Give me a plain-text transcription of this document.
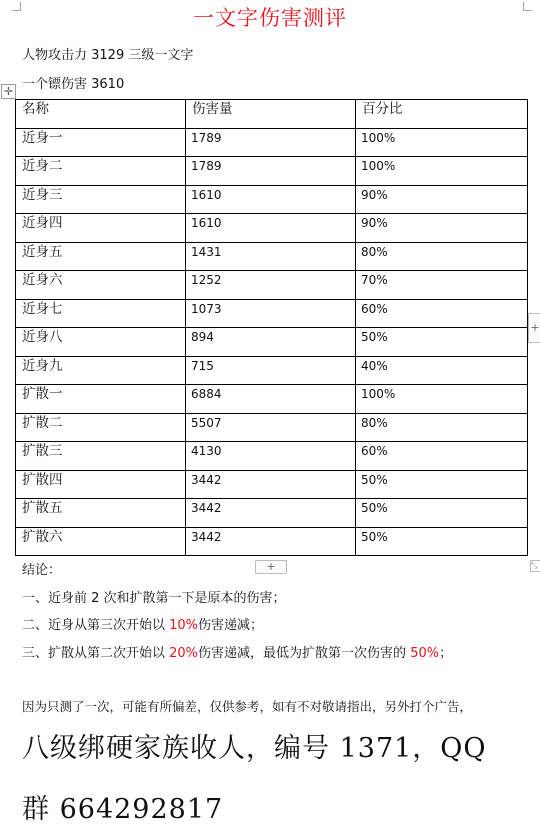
一文字伤害测评
人物攻击力 3129 三级一文字
一个镖伤害 3610
✛
名称	伤害量	百分比
近身一	1789	100%
近身二	1789	100%
近身三	1610	90%
近身四	1610	90%
近身五	1431	80%
近身六	1252	70%
近身七	1073	60%
近身八	894	50%
近身九	715	40%
扩散一	6884	100%
扩散二	5507	80%
扩散三	4130	60%
扩散四	3442	50%
扩散五	3442	50%
扩散六	3442	50%
+
+	⤡
结论：
一、近身前 2 次和扩散第一下是原本的伤害；
二、近身从第三次开始以 10%伤害递减；
三、扩散从第二次开始以 20%伤害递减，最低为扩散第一次伤害的 50%；
因为只测了一次，可能有所偏差，仅供参考，如有不对敬请指出，另外打个广告，
八级绑硬家族收人，编号 1371，QQ
群 664292817
